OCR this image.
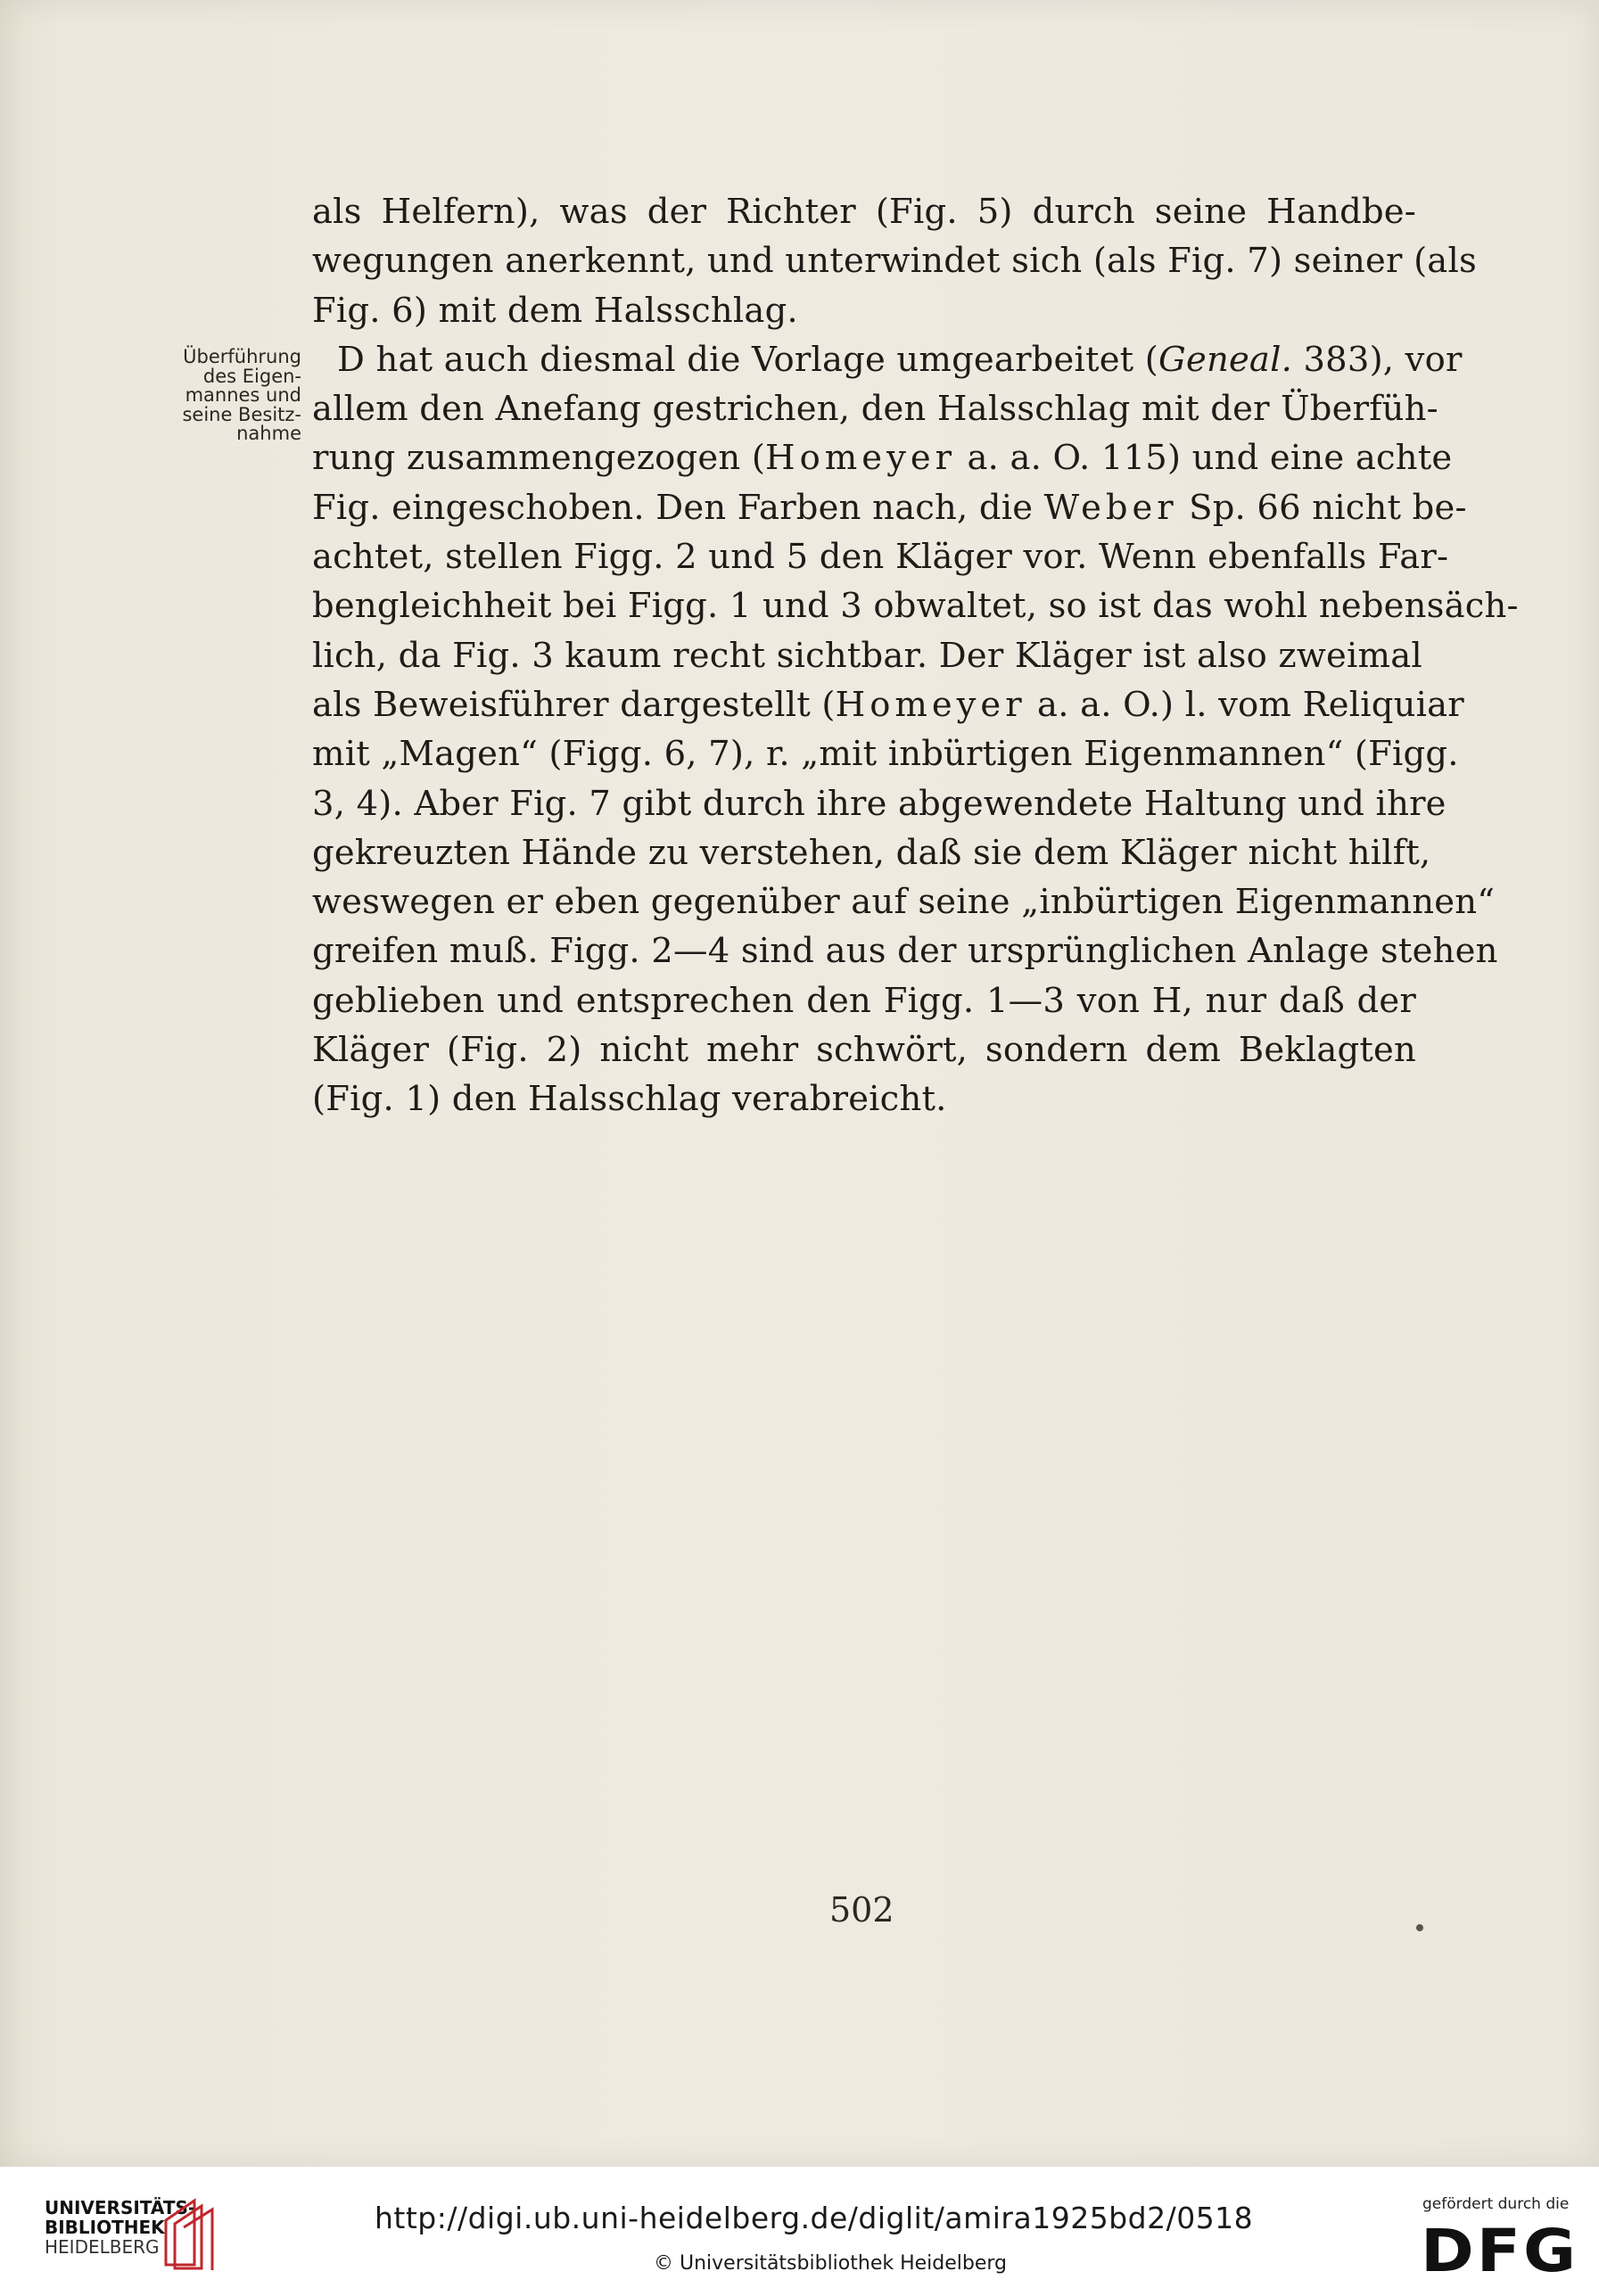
als Helfern), was der Richter (Fig. 5) durch seine Handbe-
wegungen anerkennt, und unterwindet sich (als Fig. 7) seiner (als
Fig. 6) mit dem Halsschlag.
D hat auch diesmal die Vorlage umgearbeitet (Geneal. 383), vor
allem den Anefang gestrichen, den Halsschlag mit der Überfüh-
rung zusammengezogen (Homeyer a. a. O. 115) und eine achte
Fig. eingeschoben. Den Farben nach, die Weber Sp. 66 nicht be-
achtet, stellen Figg. 2 und 5 den Kläger vor. Wenn ebenfalls Far-
bengleichheit bei Figg. 1 und 3 obwaltet, so ist das wohl nebensäch-
lich, da Fig. 3 kaum recht sichtbar. Der Kläger ist also zweimal
als Beweisführer dargestellt (Homeyer a. a. O.) l. vom Reliquiar
mit „Magen“ (Figg. 6, 7), r. „mit inbürtigen Eigenmannen“ (Figg.
3, 4). Aber Fig. 7 gibt durch ihre abgewendete Haltung und ihre
gekreuzten Hände zu verstehen, daß sie dem Kläger nicht hilft,
weswegen er eben gegenüber auf seine „inbürtigen Eigenmannen“
greifen muß. Figg. 2—4 sind aus der ursprünglichen Anlage stehen
geblieben und entsprechen den Figg. 1—3 von H, nur daß der
Kläger (Fig. 2) nicht mehr schwört, sondern dem Beklagten
(Fig. 1) den Halsschlag verabreicht.
Überführung
des Eigen-
mannes und
seine Besitz-
nahme
502
UNIVERSITÄTS-
BIBLIOTHEK
HEIDELBERG
http://digi.ub.uni-heidelberg.de/diglit/amira1925bd2/0518
© Universitätsbibliothek Heidelberg
gefördert durch die
DFG
